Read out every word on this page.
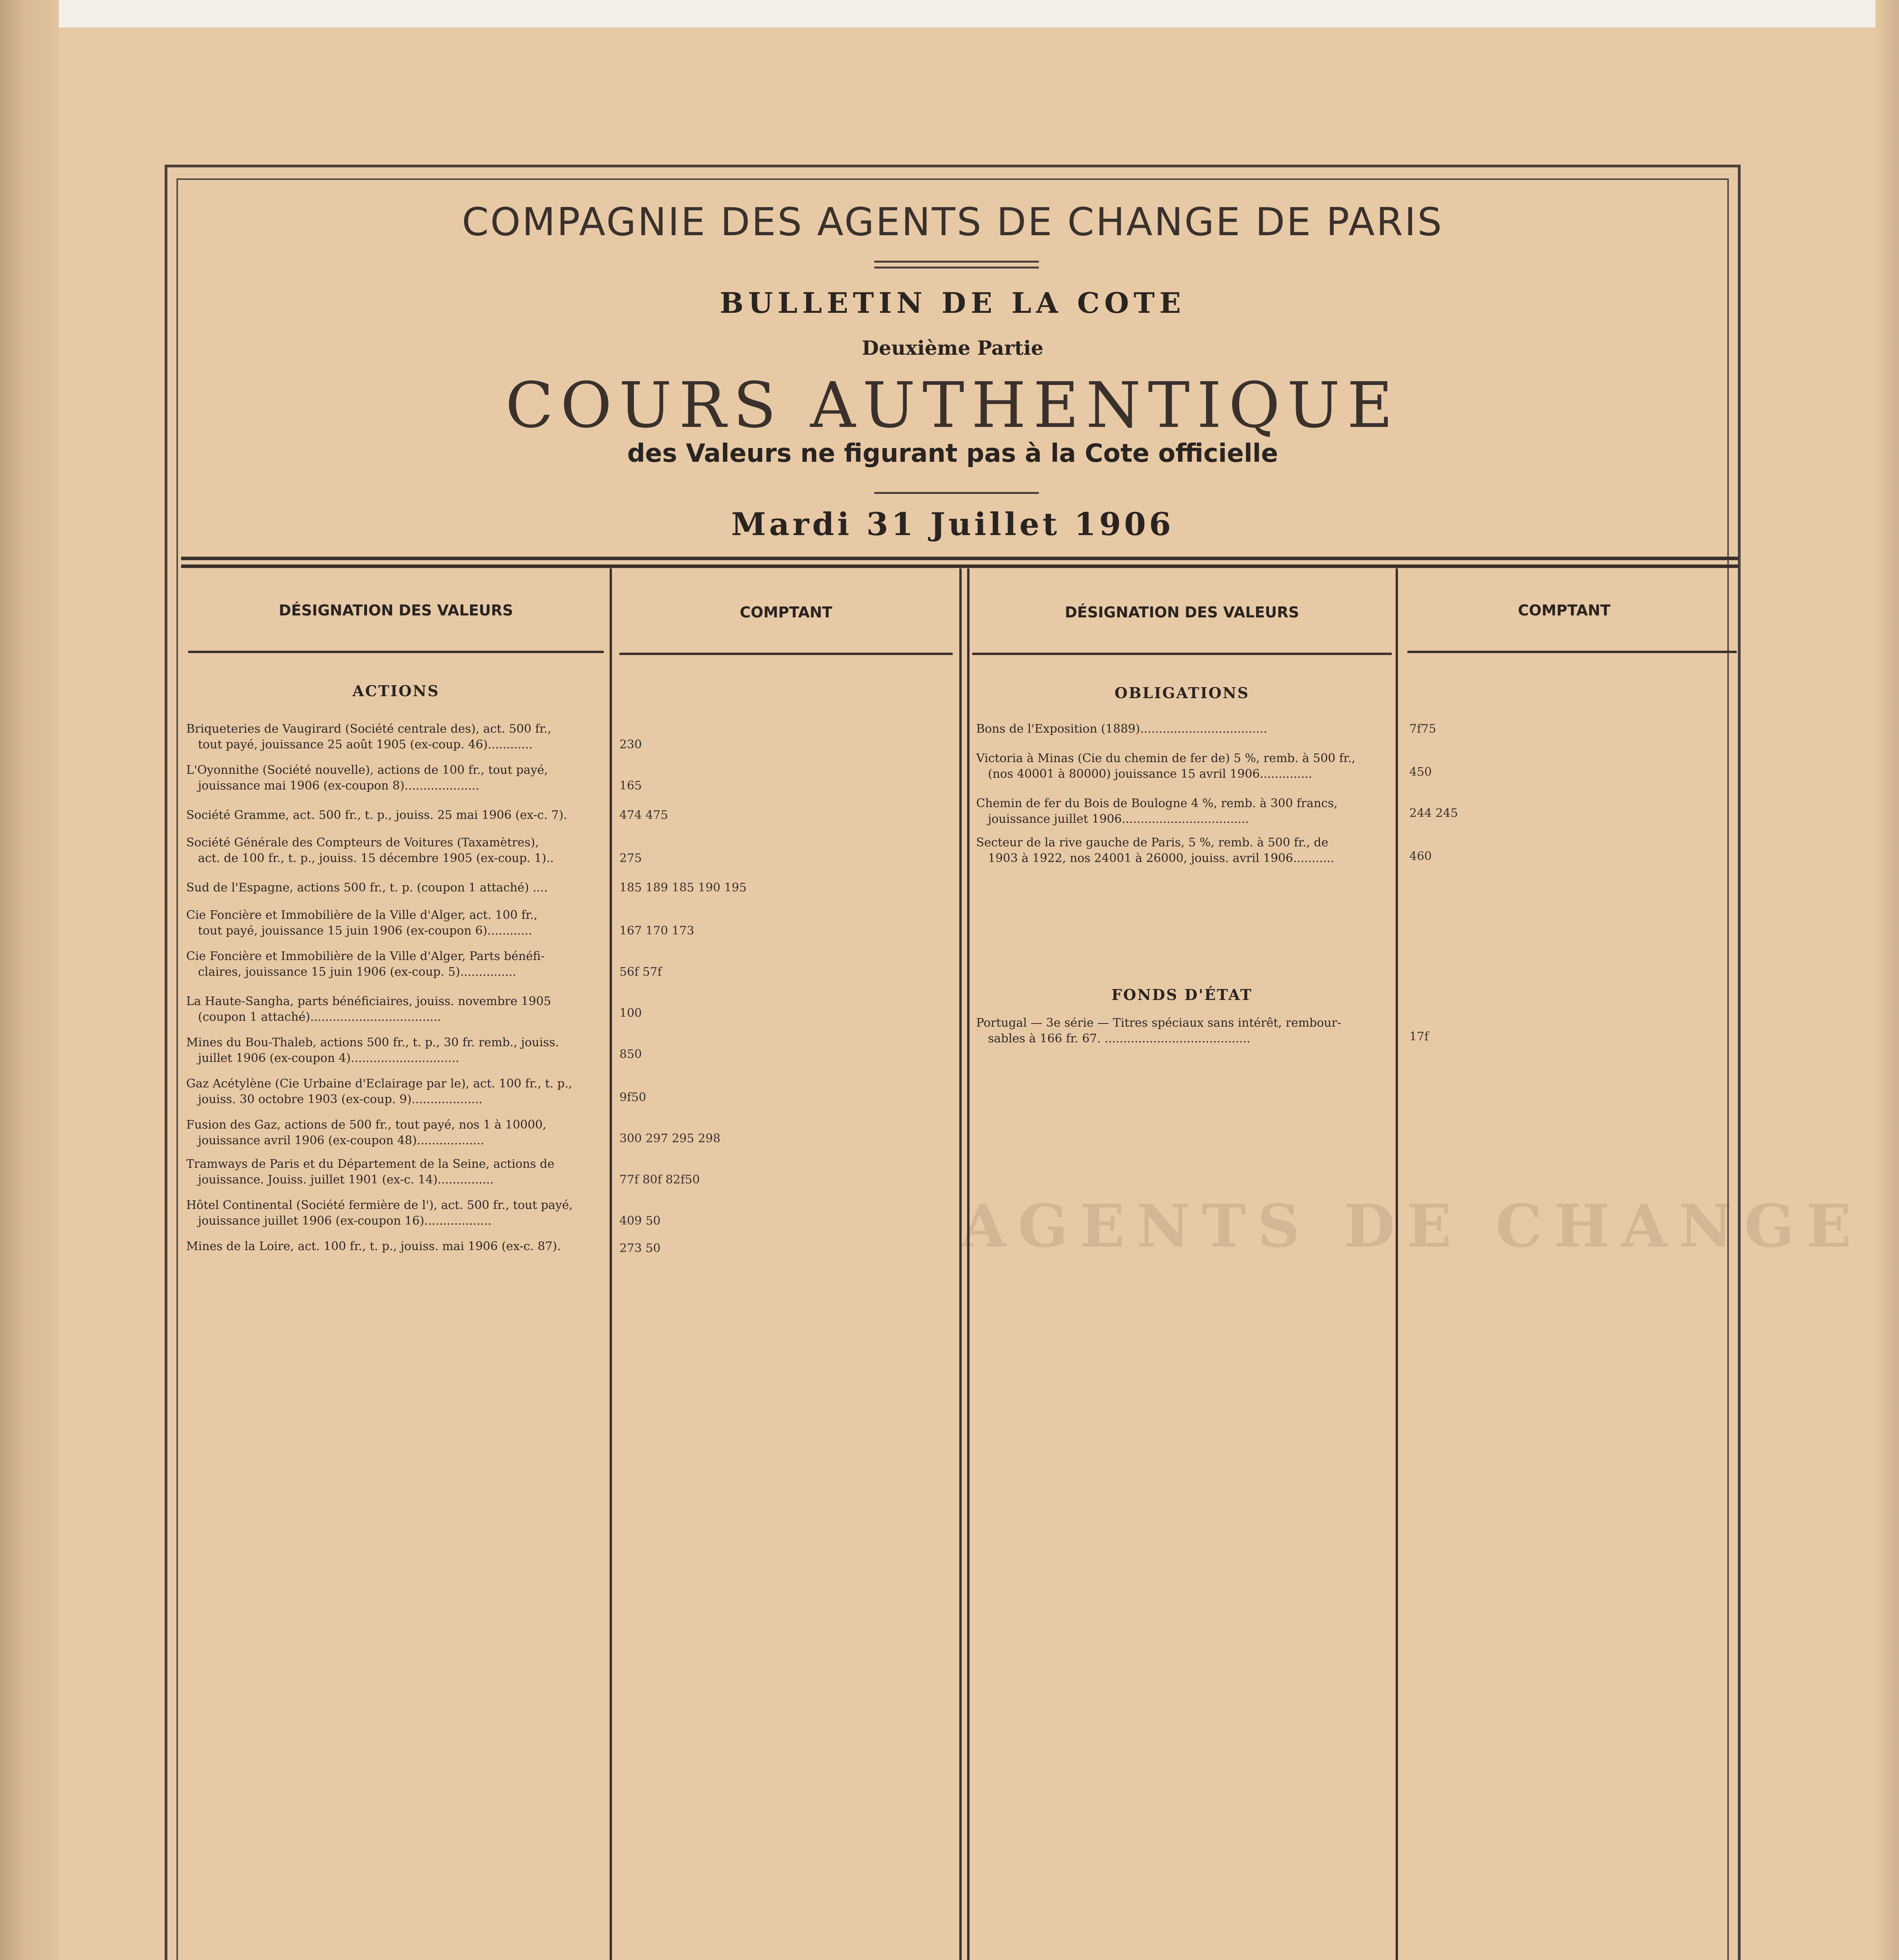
AGENTS DE CHANGE
COMPAGNIE DES AGENTS DE CHANGE DE PARIS
BULLETIN DE LA COTE
Deuxième Partie
COURS AUTHENTIQUE
des Valeurs ne figurant pas à la Cote officielle
Mardi 31 Juillet 1906
DÉSIGNATION DES VALEURS	COMPTANT	DÉSIGNATION DES VALEURS	COMPTANT
ACTIONS
Briqueteries de Vaugirard (Société centrale des), act. 500 fr.,
tout payé, jouissance 25 août 1905 (ex-coup. 46)............	230
L'Oyonnithe (Société nouvelle), actions de 100 fr., tout payé,
jouissance mai 1906 (ex-coupon 8)....................	165
Société Gramme, act. 500 fr., t. p., jouiss. 25 mai 1906 (ex-c. 7).	474 475
Société Générale des Compteurs de Voitures (Taxamètres),
act. de 100 fr., t. p., jouiss. 15 décembre 1905 (ex-coup. 1)..	275
Sud de l'Espagne, actions 500 fr., t. p. (coupon 1 attaché) ....	185 189 185 190 195
Cie Foncière et Immobilière de la Ville d'Alger, act. 100 fr.,
tout payé, jouissance 15 juin 1906 (ex-coupon 6)............	167 170 173
Cie Foncière et Immobilière de la Ville d'Alger, Parts bénéfi-
claires, jouissance 15 juin 1906 (ex-coup. 5)...............	56f 57f
La Haute-Sangha, parts bénéficiaires, jouiss. novembre 1905
(coupon 1 attaché)...................................	100
Mines du Bou-Thaleb, actions 500 fr., t. p., 30 fr. remb., jouiss.
juillet 1906 (ex-coupon 4).............................	850
Gaz Acétylène (Cie Urbaine d'Eclairage par le), act. 100 fr., t. p.,
jouiss. 30 octobre 1903 (ex-coup. 9)...................	9f50
Fusion des Gaz, actions de 500 fr., tout payé, nos 1 à 10000,
jouissance avril 1906 (ex-coupon 48)..................	300 297 295 298
Tramways de Paris et du Département de la Seine, actions de
jouissance. Jouiss. juillet 1901 (ex-c. 14)...............	77f 80f 82f50
Hôtel Continental (Société fermière de l'), act. 500 fr., tout payé,
jouissance juillet 1906 (ex-coupon 16)..................	409 50
Mines de la Loire, act. 100 fr., t. p., jouiss. mai 1906 (ex-c. 87).	273 50
OBLIGATIONS
Bons de l'Exposition (1889)..................................	7f75
Victoria à Minas (Cie du chemin de fer de) 5 %, remb. à 500 fr.,
(nos 40001 à 80000) jouissance 15 avril 1906..............	450
Chemin de fer du Bois de Boulogne 4 %, remb. à 300 francs,
jouissance juillet 1906..................................	244 245
Secteur de la rive gauche de Paris, 5 %, remb. à 500 fr., de
1903 à 1922, nos 24001 à 26000, jouiss. avril 1906...........	460
FONDS D'ÉTAT
Portugal — 3e série — Titres spéciaux sans intérêt, rembour-
sables à 166 fr. 67. .......................................	17f
